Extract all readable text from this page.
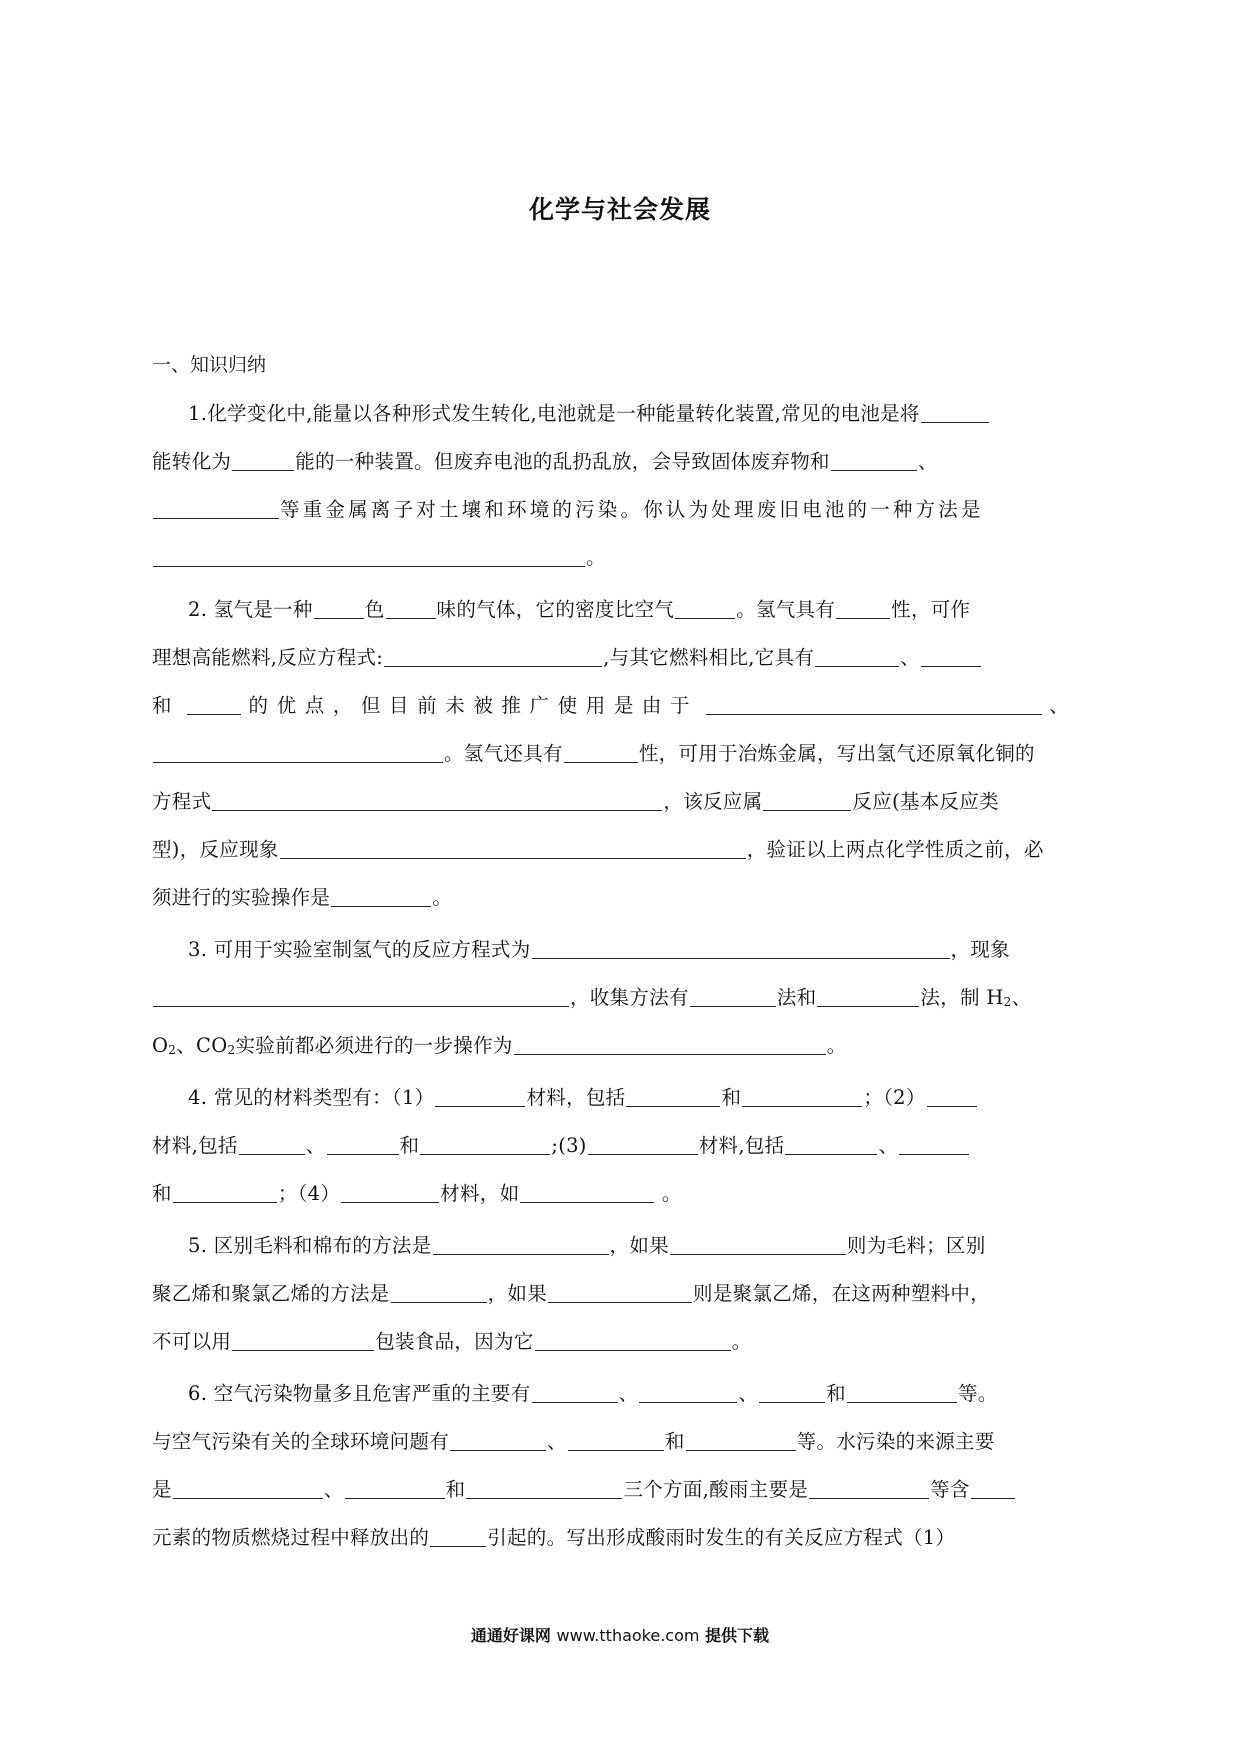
化学与社会发展
一、知识归纳
1.化学变化中,能量以各种形式发生转化,电池就是一种能量转化装置,常见的电池是将
能转化为	能的一种装置。但废弃电池的乱扔乱放，会导致固体废弃物和	、
等重金属离子对土壤和环境的污染。你认为处理废旧电池的一种方法是
。
2. 氢气是一种	色	味的气体，它的密度比空气	。氢气具有	性，可作
理想高能燃料,反应方程式:	,与其它燃料相比,它具有	、
和	的优点，但目前未被推广使用是由于	、
。氢气还具有	性，可用于冶炼金属，写出氢气还原氧化铜的
方程式	，该反应属	反应(基本反应类
型)，反应现象	，验证以上两点化学性质之前，必
须进行的实验操作是	。
3. 可用于实验室制氢气的反应方程式为	，现象
，收集方法有	法和	法，制 $H_2$、
$O_2$、$CO_2$实验前都必须进行的一步操作为	。
4. 常见的材料类型有：（1）	材料，包括	和	；（2）
材料,包括	、	和	;(3)	材料,包括	、
和	；（4）	材料，如	。
5. 区别毛料和棉布的方法是	，如果	则为毛料；区别
聚乙烯和聚氯乙烯的方法是	，如果	则是聚氯乙烯，在这两种塑料中，
不可以用	包装食品，因为它	。
6. 空气污染物量多且危害严重的主要有	、	、	和	等。
与空气污染有关的全球环境问题有	、	和	等。水污染的来源主要
是	、	和	三个方面,酸雨主要是	等含
元素的物质燃烧过程中释放出的	引起的。写出形成酸雨时发生的有关反应方程式（1）
通通好课网 www.tthaoke.com 提供下载
